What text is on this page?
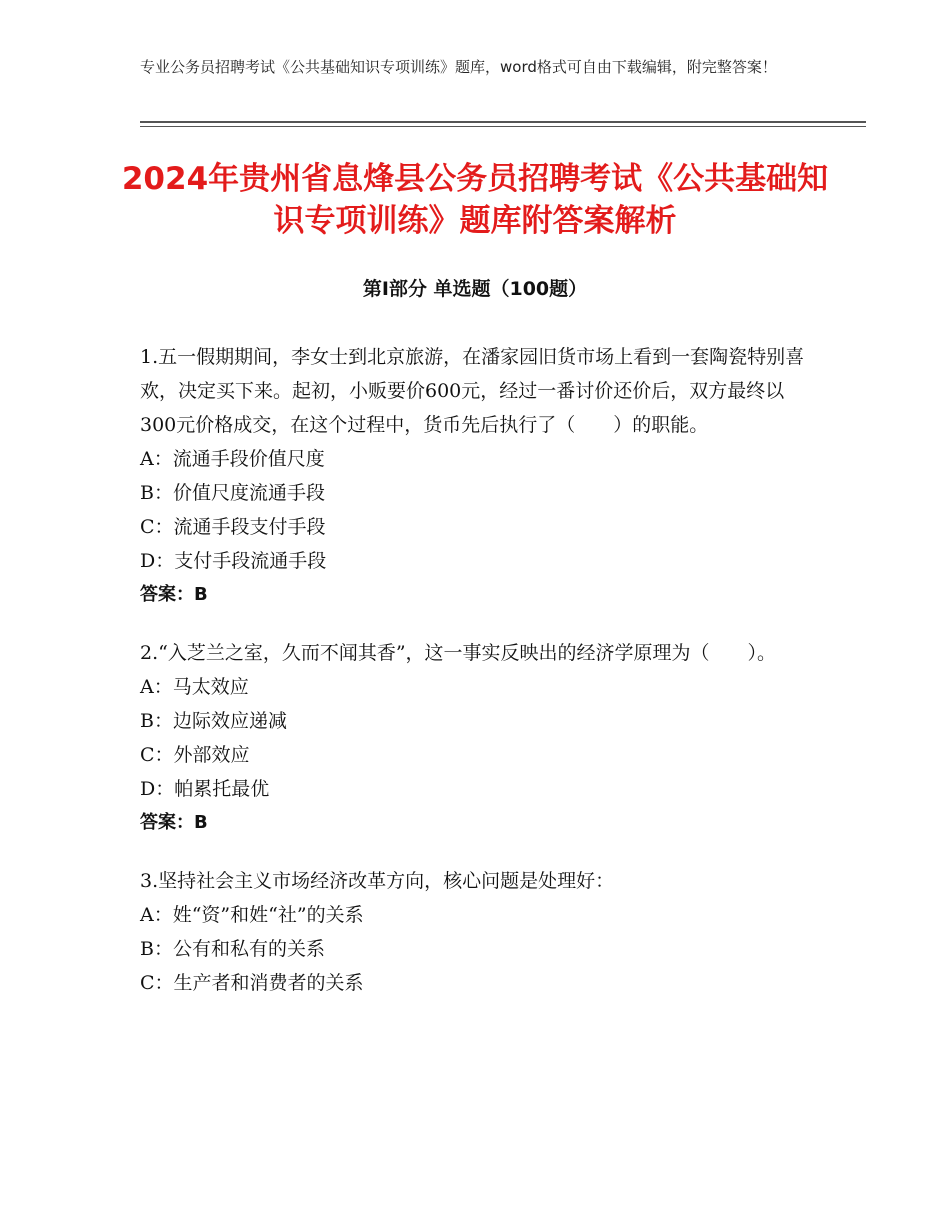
专业公务员招聘考试《公共基础知识专项训练》题库，word格式可自由下载编辑，附完整答案！
2024年贵州省息烽县公务员招聘考试《公共基础知识专项训练》题库附答案解析
第Ⅰ部分 单选题（100题）

1.五一假期期间，李女士到北京旅游，在潘家园旧货市场上看到一套陶瓷特别喜欢，决定买下来。起初，小贩要价600元，经过一番讨价还价后，双方最终以300元价格成交，在这个过程中，货币先后执行了（　　）的职能。

A：流通手段价值尺度

B：价值尺度流通手段

C：流通手段支付手段

D：支付手段流通手段

答案：B

2.“入芝兰之室，久而不闻其香”，这一事实反映出的经济学原理为（　　）。

A：马太效应

B：边际效应递减

C：外部效应

D：帕累托最优

答案：B

3.坚持社会主义市场经济改革方向，核心问题是处理好：

A：姓“资”和姓“社”的关系

B：公有和私有的关系

C：生产者和消费者的关系
